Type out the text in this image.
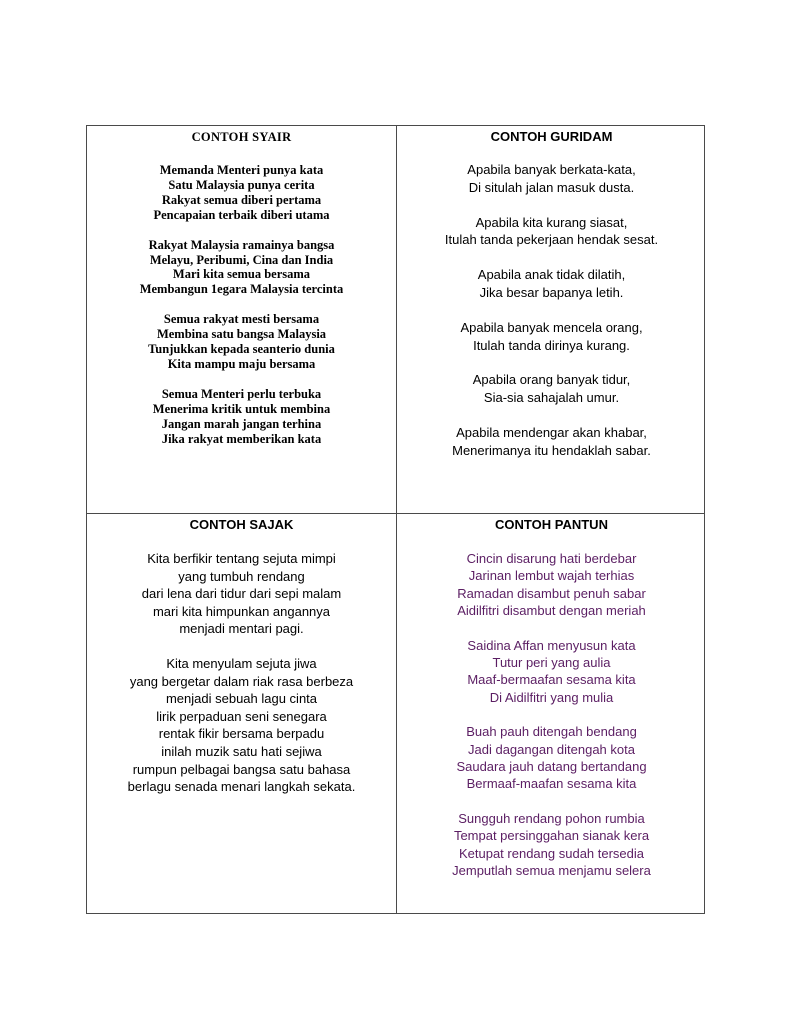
CONTOH SYAIR
Memanda Menteri punya kata
Satu Malaysia punya cerita
Rakyat semua diberi pertama
Pencapaian terbaik diberi utama
Rakyat Malaysia ramainya bangsa
Melayu, Peribumi, Cina dan India
Mari kita semua bersama
Membangun 1egara Malaysia tercinta
Semua rakyat mesti bersama
Membina satu bangsa Malaysia
Tunjukkan kepada seanterio dunia
Kita mampu maju bersama
Semua Menteri perlu terbuka
Menerima kritik untuk membina
Jangan marah jangan terhina
Jika rakyat memberikan kata
CONTOH GURIDAM
Apabila banyak berkata-kata,
Di situlah jalan masuk dusta.
Apabila kita kurang siasat,
Itulah tanda pekerjaan hendak sesat.
Apabila anak tidak dilatih,
Jika besar bapanya letih.
Apabila banyak mencela orang,
Itulah tanda dirinya kurang.
Apabila orang banyak tidur,
Sia-sia sahajalah umur.
Apabila mendengar akan khabar,
Menerimanya itu hendaklah sabar.
CONTOH SAJAK
Kita berfikir tentang sejuta mimpi
yang tumbuh rendang
dari lena dari tidur dari sepi malam
mari kita himpunkan angannya
menjadi mentari pagi.
Kita menyulam sejuta jiwa
yang bergetar dalam riak rasa berbeza
menjadi sebuah lagu cinta
lirik perpaduan seni senegara
rentak fikir bersama berpadu
inilah muzik satu hati sejiwa
rumpun pelbagai bangsa satu bahasa
berlagu senada menari langkah sekata.
CONTOH PANTUN
Cincin disarung hati berdebar
Jarinan lembut wajah terhias
Ramadan disambut penuh sabar
Aidilfitri disambut dengan meriah
Saidina Affan menyusun kata
Tutur peri yang aulia
Maaf-bermaafan sesama kita
Di Aidilfitri yang mulia
Buah pauh ditengah bendang
Jadi dagangan ditengah kota
Saudara jauh datang bertandang
Bermaaf-maafan sesama kita
Sungguh rendang pohon rumbia
Tempat persinggahan sianak kera
Ketupat rendang sudah tersedia
Jemputlah semua menjamu selera
